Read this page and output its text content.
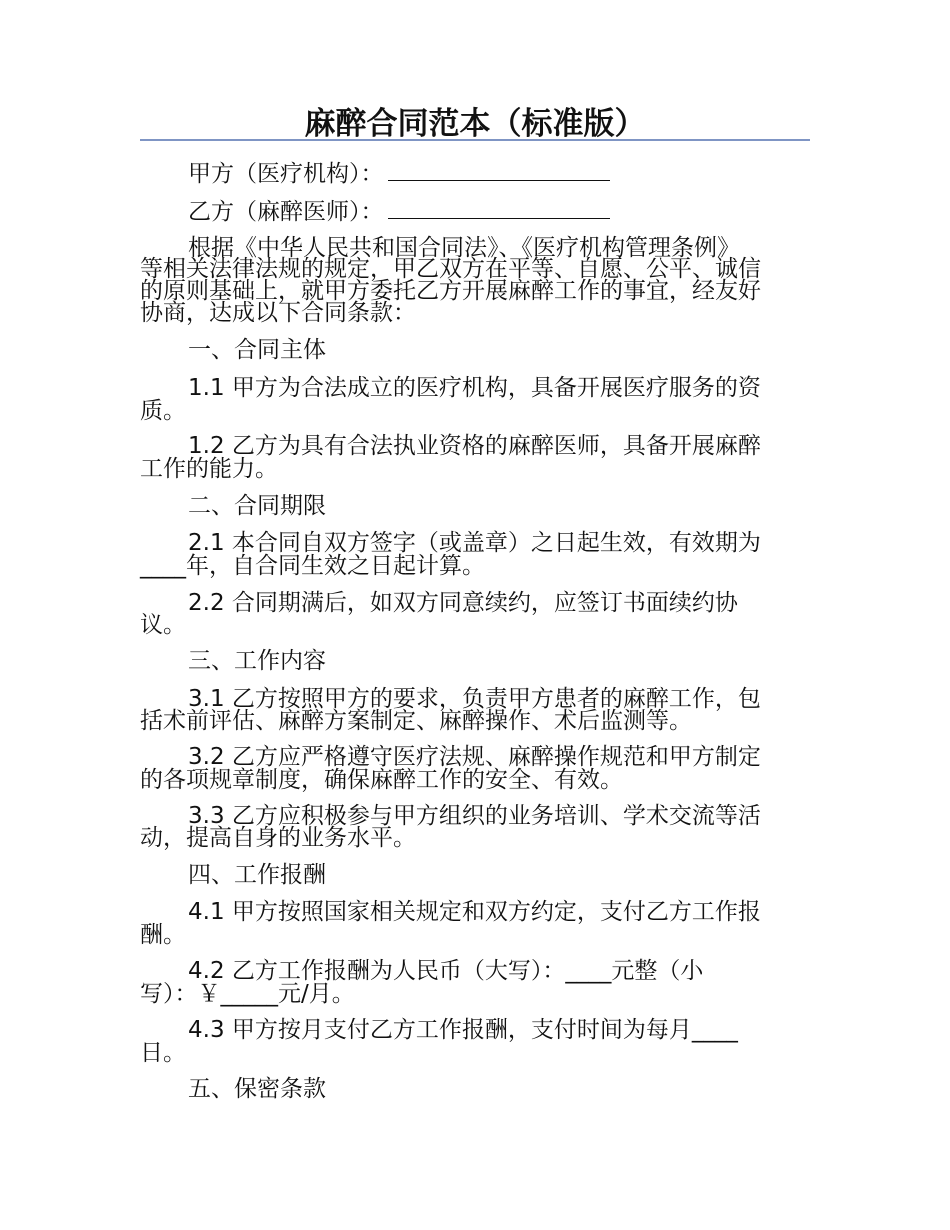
麻醉合同范本（标准版）
甲方（医疗机构）：
乙方（麻醉医师）：
根据《中华人民共和国合同法》、《医疗机构管理条例》
等相关法律法规的规定，甲乙双方在平等、自愿、公平、诚信
的原则基础上，就甲方委托乙方开展麻醉工作的事宜，经友好
协商，达成以下合同条款：
一、合同主体
1.1 甲方为合法成立的医疗机构，具备开展医疗服务的资
质。
1.2 乙方为具有合法执业资格的麻醉医师，具备开展麻醉
工作的能力。
二、合同期限
2.1 本合同自双方签字（或盖章）之日起生效，有效期为
____年，自合同生效之日起计算。
2.2 合同期满后，如双方同意续约，应签订书面续约协
议。
三、工作内容
3.1 乙方按照甲方的要求，负责甲方患者的麻醉工作，包
括术前评估、麻醉方案制定、麻醉操作、术后监测等。
3.2 乙方应严格遵守医疗法规、麻醉操作规范和甲方制定
的各项规章制度，确保麻醉工作的安全、有效。
3.3 乙方应积极参与甲方组织的业务培训、学术交流等活
动，提高自身的业务水平。
四、工作报酬
4.1 甲方按照国家相关规定和双方约定，支付乙方工作报
酬。
4.2 乙方工作报酬为人民币（大写）：____元整（小
写）：￥_____元/月。
4.3 甲方按月支付乙方工作报酬，支付时间为每月____
日。
五、保密条款
